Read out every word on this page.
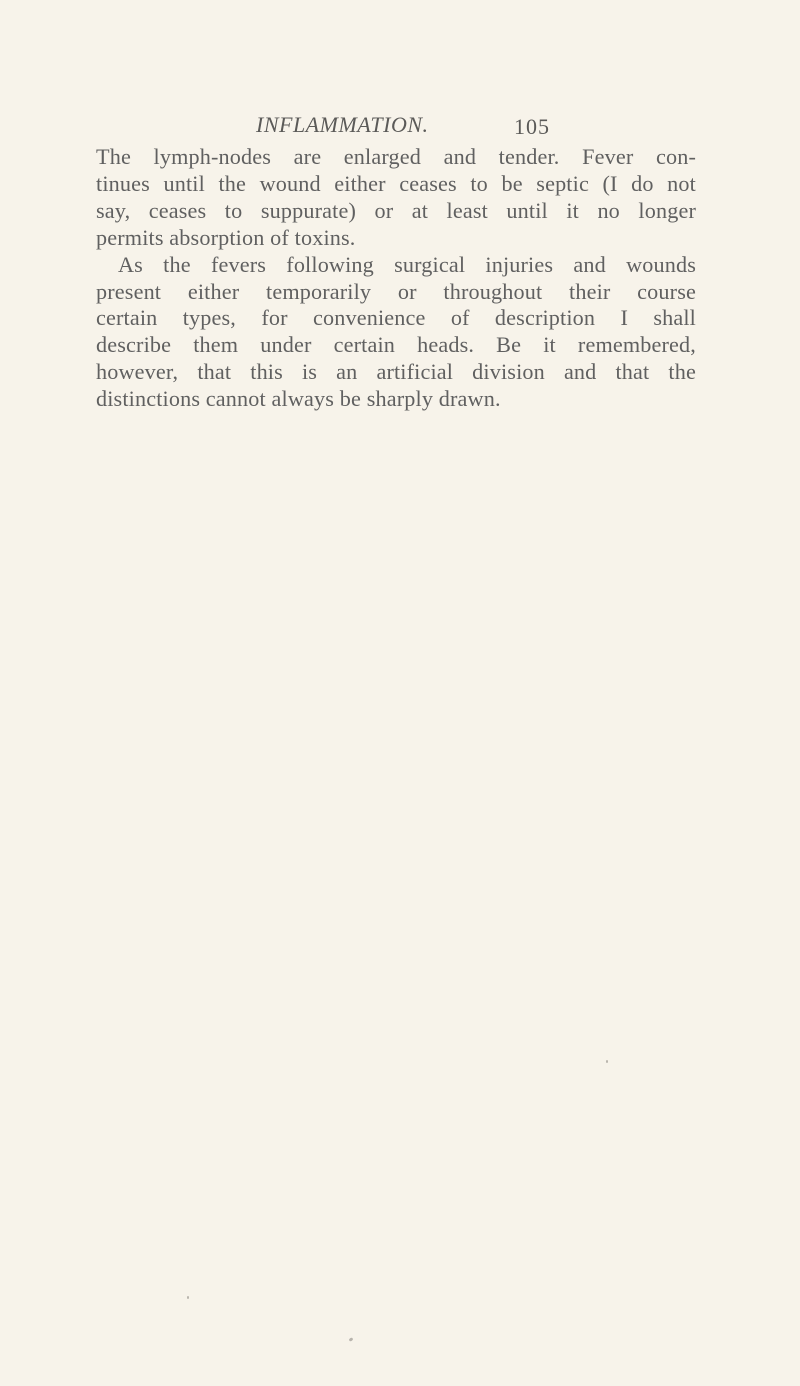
INFLAMMATION.	105
The lymph-nodes are enlarged and tender. Fever con-
tinues until the wound either ceases to be septic (I do not
say, ceases to suppurate) or at least until it no longer
permits absorption of toxins.
As the fevers following surgical injuries and wounds
present either temporarily or throughout their course
certain types, for convenience of description I shall
describe them under certain heads. Be it remembered,
however, that this is an artificial division and that the
distinctions cannot always be sharply drawn.
